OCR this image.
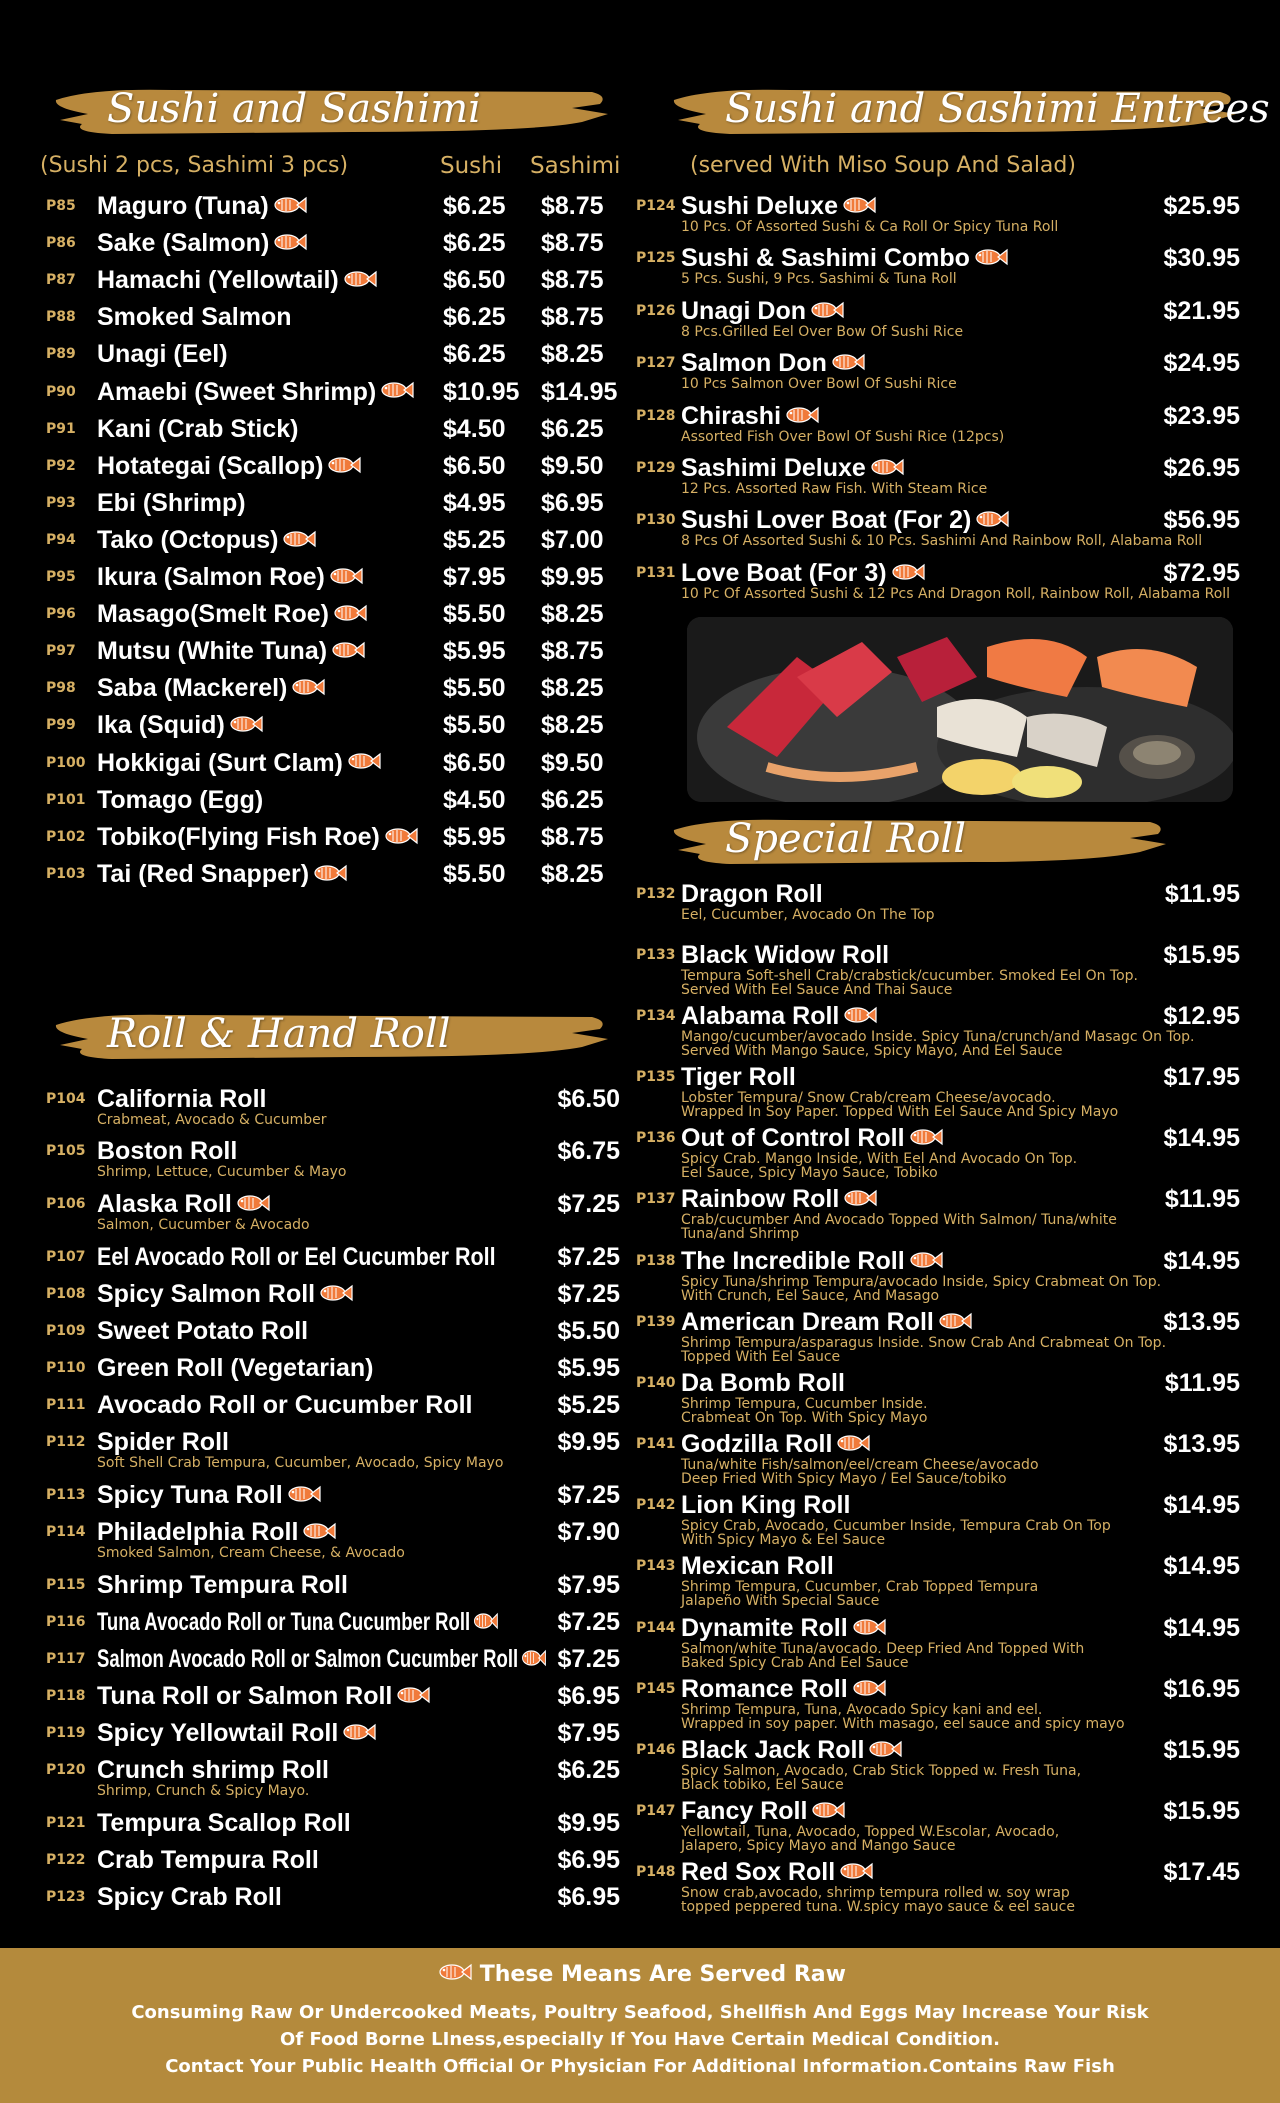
Sushi and Sashimi
(Sushi 2 pcs, Sashimi 3 pcs)	Sushi Sashimi
P85 Maguro (Tuna)	$6.25 $8.75
P86 Sake (Salmon)	$6.25 $8.75
P87 Hamachi (Yellowtail)	$6.50 $8.75
P88 Smoked Salmon	$6.25 $8.75
P89 Unagi (Eel)	$6.25 $8.25
P90 Amaebi (Sweet Shrimp)	$10.95 $14.95
P91 Kani (Crab Stick)	$4.50 $6.25
P92 Hotategai (Scallop)	$6.50 $9.50
P93 Ebi (Shrimp)	$4.95 $6.95
P94 Tako (Octopus)	$5.25 $7.00
P95 Ikura (Salmon Roe)	$7.95 $9.95
P96 Masago(Smelt Roe)	$5.50 $8.25
P97 Mutsu (White Tuna)	$5.95 $8.75
P98 Saba (Mackerel)	$5.50 $8.25
P99 Ika (Squid)	$5.50 $8.25
P100 Hokkigai (Surt Clam)	$6.50 $9.50
P101 Tomago (Egg)	$4.50 $6.25
P102 Tobiko(Flying Fish Roe)	$5.95 $8.75
P103 Tai (Red Snapper)	$5.50 $8.25
Roll & Hand Roll
P104 California Roll
Crabmeat, Avocado & Cucumber
$6.50
P105 Boston Roll
Shrimp, Lettuce, Cucumber & Mayo
$6.75
P106 Alaska Roll
Salmon, Cucumber & Avocado
$7.25
P107 Eel Avocado Roll or Eel Cucumber Roll $7.25
P108 Spicy Salmon Roll	$7.25
P109 Sweet Potato Roll	$5.50
P110 Green Roll (Vegetarian)	$5.95
P111 Avocado Roll or Cucumber Roll	$5.25
P112 Spider Roll
Soft Shell Crab Tempura, Cucumber, Avocado, Spicy Mayo
$9.95
P113 Spicy Tuna Roll	$7.25
P114 Philadelphia Roll
Smoked Salmon, Cream Cheese, & Avocado
$7.90
P115 Shrimp Tempura Roll	$7.95
P116 Tuna Avocado Roll or Tuna Cucumber Roll	$7.25
P117 Salmon Avocado Roll or Salmon Cucumber Roll	$7.25
P118 Tuna Roll or Salmon Roll	$6.95
P119 Spicy Yellowtail Roll	$7.95
P120 Crunch shrimp Roll
Shrimp, Crunch & Spicy Mayo.
$6.25
P121 Tempura Scallop Roll	$9.95
P122 Crab Tempura Roll	$6.95
P123 Spicy Crab Roll	$6.95
Sushi and Sashimi Entrees
(served With Miso Soup And Salad)
P124 Sushi Deluxe
10 Pcs. Of Assorted Sushi & Ca Roll Or Spicy Tuna Roll
$25.95
P125 Sushi & Sashimi Combo
5 Pcs. Sushi, 9 Pcs. Sashimi & Tuna Roll
$30.95
P126 Unagi Don
8 Pcs.Grilled Eel Over Bow Of Sushi Rice
$21.95
P127 Salmon Don
10 Pcs Salmon Over Bowl Of Sushi Rice
$24.95
P128 Chirashi
Assorted Fish Over Bowl Of Sushi Rice (12pcs)
$23.95
P129 Sashimi Deluxe
12 Pcs. Assorted Raw Fish. With Steam Rice
$26.95
P130 Sushi Lover Boat (For 2)
8 Pcs Of Assorted Sushi & 10 Pcs. Sashimi And Rainbow Roll, Alabama Roll
$56.95
P131 Love Boat (For 3)
10 Pc Of Assorted Sushi & 12 Pcs And Dragon Roll, Rainbow Roll, Alabama Roll
$72.95
Special Roll
P132 Dragon Roll
Eel, Cucumber, Avocado On The Top
$11.95
P133 Black Widow Roll
Tempura Soft-shell Crab/crabstick/cucumber. Smoked Eel On Top.
Served With Eel Sauce And Thai Sauce
$15.95
P134 Alabama Roll
Mango/cucumber/avocado Inside. Spicy Tuna/crunch/and Masagc On Top.
Served With Mango Sauce, Spicy Mayo, And Eel Sauce
$12.95
P135 Tiger Roll
Lobster Tempura/ Snow Crab/cream Cheese/avocado.
Wrapped In Soy Paper. Topped With Eel Sauce And Spicy Mayo
$17.95
P136 Out of Control Roll
Spicy Crab. Mango Inside, With Eel And Avocado On Top.
Eel Sauce, Spicy Mayo Sauce, Tobiko
$14.95
P137 Rainbow Roll
Crab/cucumber And Avocado Topped With Salmon/ Tuna/white
Tuna/and Shrimp
$11.95
P138 The Incredible Roll
Spicy Tuna/shrimp Tempura/avocado Inside, Spicy Crabmeat On Top.
With Crunch, Eel Sauce, And Masago
$14.95
P139 American Dream Roll
Shrimp Tempura/asparagus Inside. Snow Crab And Crabmeat On Top.
Topped With Eel Sauce
$13.95
P140 Da Bomb Roll
Shrimp Tempura, Cucumber Inside.
Crabmeat On Top. With Spicy Mayo
$11.95
P141 Godzilla Roll
Tuna/white Fish/salmon/eel/cream Cheese/avocado
Deep Fried With Spicy Mayo / Eel Sauce/tobiko
$13.95
P142 Lion King Roll
Spicy Crab, Avocado, Cucumber Inside, Tempura Crab On Top
With Spicy Mayo & Eel Sauce
$14.95
P143 Mexican Roll
Shrimp Tempura, Cucumber, Crab Topped Tempura
Jalapeño With Special Sauce
$14.95
P144 Dynamite Roll
Salmon/white Tuna/avocado. Deep Fried And Topped With
Baked Spicy Crab And Eel Sauce
$14.95
P145 Romance Roll
Shrimp Tempura, Tuna, Avocado Spicy kani and eel.
Wrapped in soy paper. With masago, eel sauce and spicy mayo
$16.95
P146 Black Jack Roll
Spicy Salmon, Avocado, Crab Stick Topped w. Fresh Tuna,
Black tobiko, Eel Sauce
$15.95
P147 Fancy Roll
Yellowtail, Tuna, Avocado, Topped W.Escolar, Avocado,
Jalapero, Spicy Mayo and Mango Sauce
$15.95
P148 Red Sox Roll
Snow crab,avocado, shrimp tempura rolled w. soy wrap
topped peppered tuna. W.spicy mayo sauce & eel sauce
$17.45
These Means Are Served Raw
Consuming Raw Or Undercooked Meats, Poultry Seafood, Shellfish And Eggs May Increase Your Risk
Of Food Borne LIness,especially If You Have Certain Medical Condition.
Contact Your Public Health Official Or Physician For Additional Information.Contains Raw Fish
